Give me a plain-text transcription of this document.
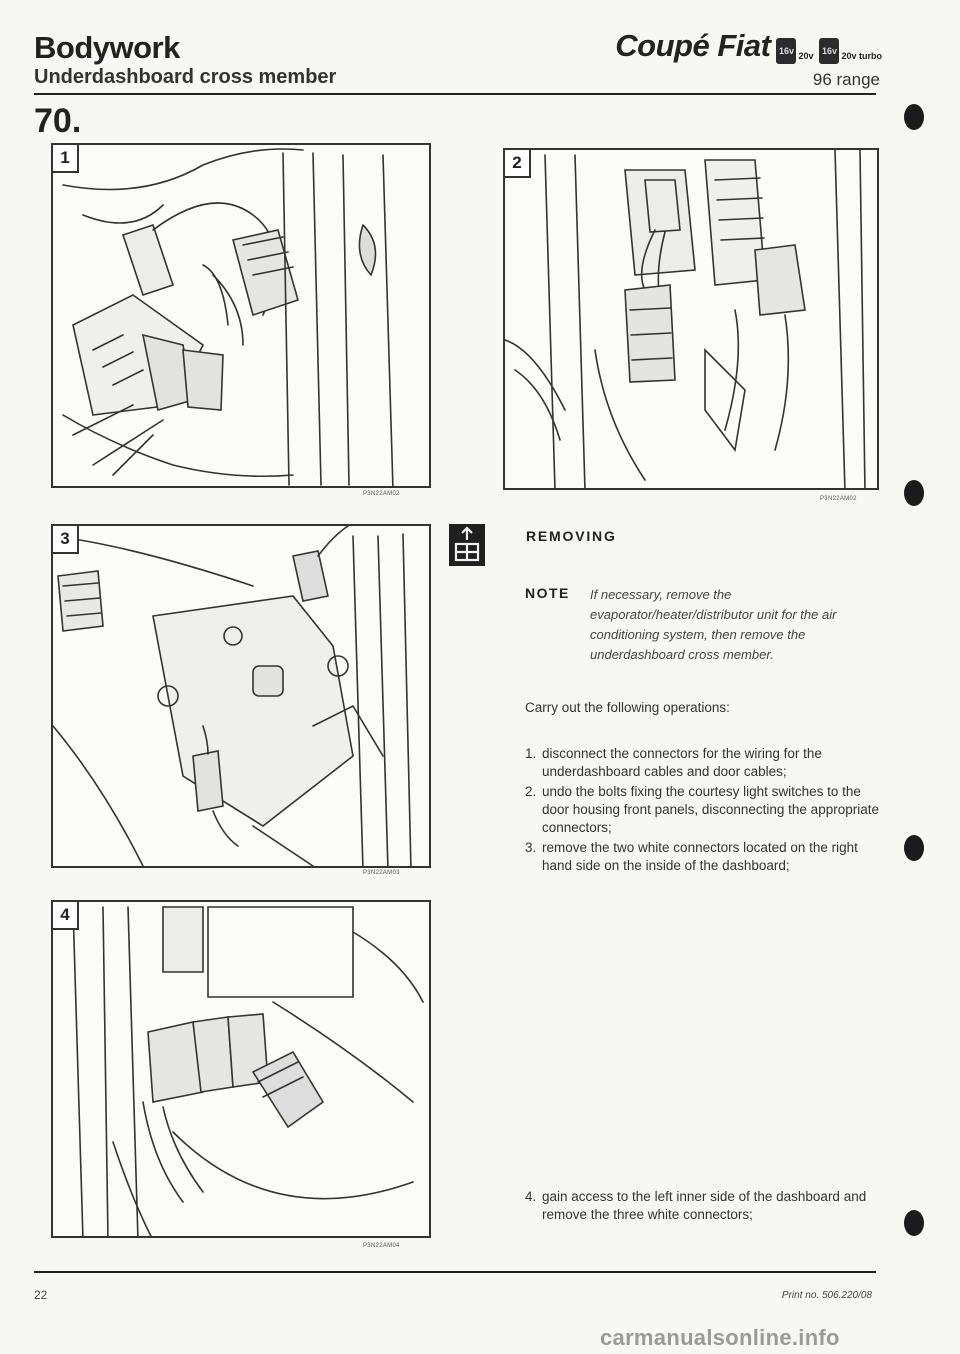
Bodywork
Underdashboard cross member
Coupé Fiat 16v 20v 16v 20v turbo
96 range
70.
1
P3N22AM02
2
P3N22AM02
3
P3N22AM03
4
P3N22AM04
REMOVING
NOTE If necessary, remove the evaporator/heater/distributor unit for the air conditioning system, then remove the underdashboard cross member.
Carry out the following operations:
1. disconnect the connectors for the wiring for the underdashboard cables and door cables;
2. undo the bolts fixing the courtesy light switches to the door housing front panels, disconnecting the appropriate connectors;
3. remove the two white connectors located on the right hand side on the inside of the dashboard;
4. gain access to the left inner side of the dashboard and remove the three white connectors;
22	Print no. 506.220/08
carmanualsonline.info
